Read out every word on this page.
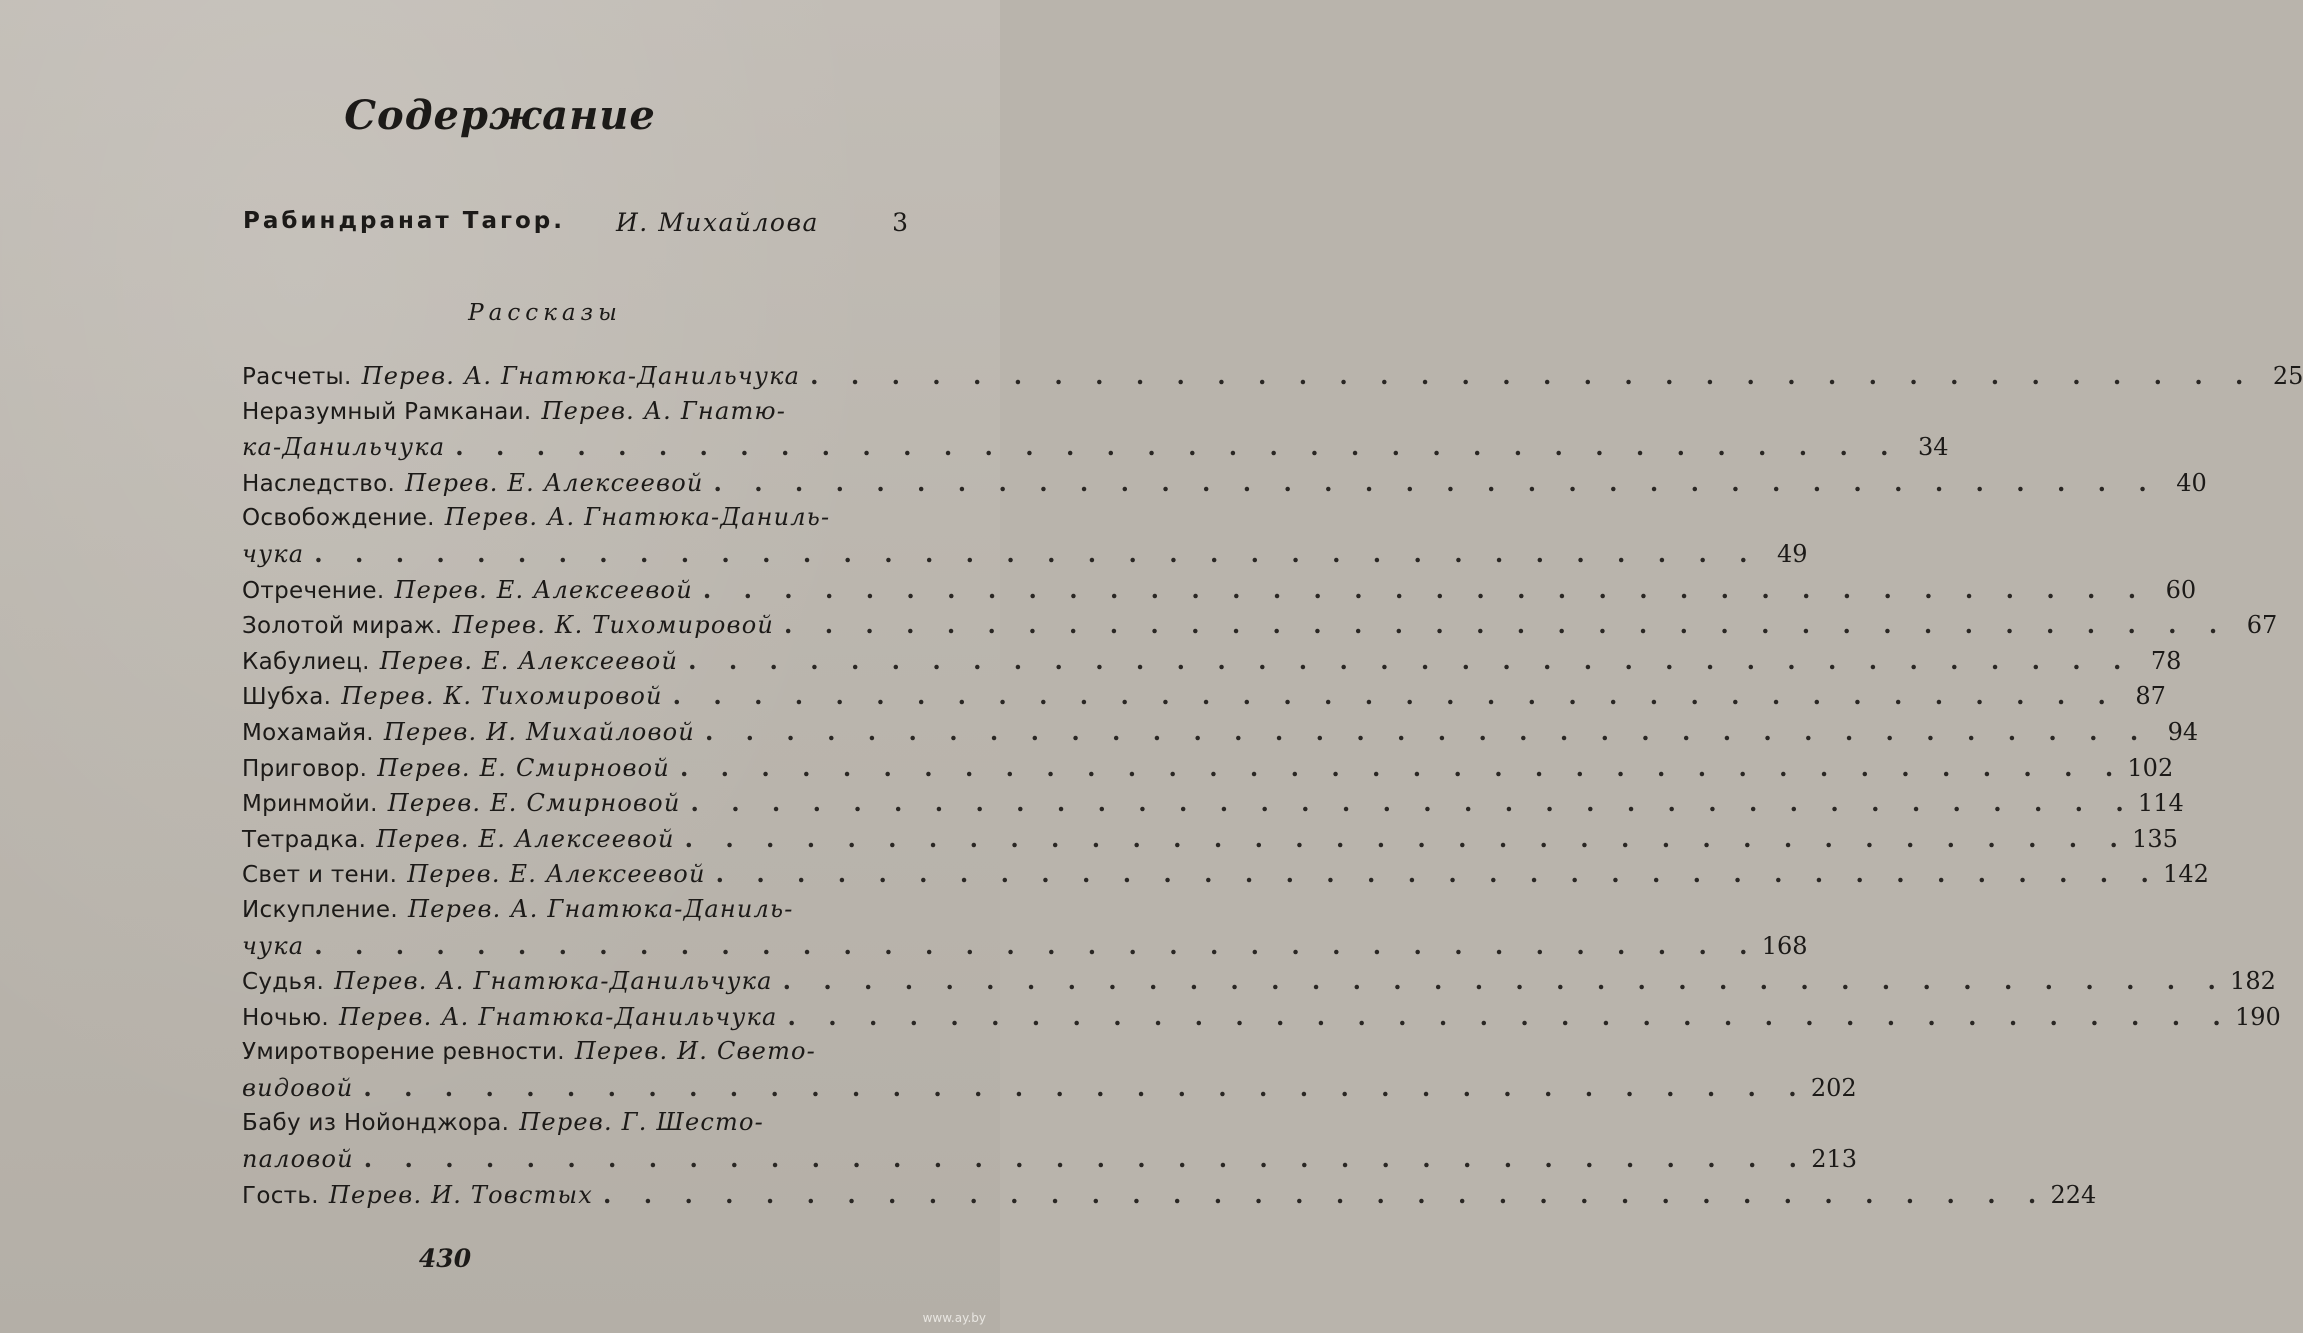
Содержание
Рабиндранат Тагор. И. Михайлова	3
Рассказы
Расчеты. Перев. А. Гнатюка-Данильчука . . . . . . . . . . . . . . . . . . . . . . . . . . . . . . . . . . . . 25
Неразумный Рамканаи. Перев. А. Гнатю-
ка-Данильчука . . . . . . . . . . . . . . . . . . . . . . . . . . . . . . . . . . . . 34
Наследство. Перев. Е. Алексеевой . . . . . . . . . . . . . . . . . . . . . . . . . . . . . . . . . . . . 40
Освобождение. Перев. А. Гнатюка-Даниль-
чука . . . . . . . . . . . . . . . . . . . . . . . . . . . . . . . . . . . . 49
Отречение. Перев. Е. Алексеевой . . . . . . . . . . . . . . . . . . . . . . . . . . . . . . . . . . . . 60
Золотой мираж. Перев. К. Тихомировой . . . . . . . . . . . . . . . . . . . . . . . . . . . . . . . . . . . . 67
Кабулиец. Перев. Е. Алексеевой . . . . . . . . . . . . . . . . . . . . . . . . . . . . . . . . . . . . 78
Шубха. Перев. К. Тихомировой . . . . . . . . . . . . . . . . . . . . . . . . . . . . . . . . . . . . 87
Мохамайя. Перев. И. Михайловой . . . . . . . . . . . . . . . . . . . . . . . . . . . . . . . . . . . . 94
Приговор. Перев. Е. Смирновой . . . . . . . . . . . . . . . . . . . . . . . . . . . . . . . . . . . . 102
Мринмойи. Перев. Е. Смирновой . . . . . . . . . . . . . . . . . . . . . . . . . . . . . . . . . . . . 114
Тетрадка. Перев. Е. Алексеевой . . . . . . . . . . . . . . . . . . . . . . . . . . . . . . . . . . . . 135
Свет и тени. Перев. Е. Алексеевой . . . . . . . . . . . . . . . . . . . . . . . . . . . . . . . . . . . . 142
Искупление. Перев. А. Гнатюка-Даниль-
чука . . . . . . . . . . . . . . . . . . . . . . . . . . . . . . . . . . . . 168
Судья. Перев. А. Гнатюка-Данильчука . . . . . . . . . . . . . . . . . . . . . . . . . . . . . . . . . . . . 182
Ночью. Перев. А. Гнатюка-Данильчука . . . . . . . . . . . . . . . . . . . . . . . . . . . . . . . . . . . . 190
Умиротворение ревности. Перев. И. Свето-
видовой . . . . . . . . . . . . . . . . . . . . . . . . . . . . . . . . . . . . 202
Бабу из Нойонджора. Перев. Г. Шесто-
паловой . . . . . . . . . . . . . . . . . . . . . . . . . . . . . . . . . . . . 213
Гость. Перев. И. Товстых . . . . . . . . . . . . . . . . . . . . . . . . . . . . . . . . . . . . 224
430
www.ay.by
